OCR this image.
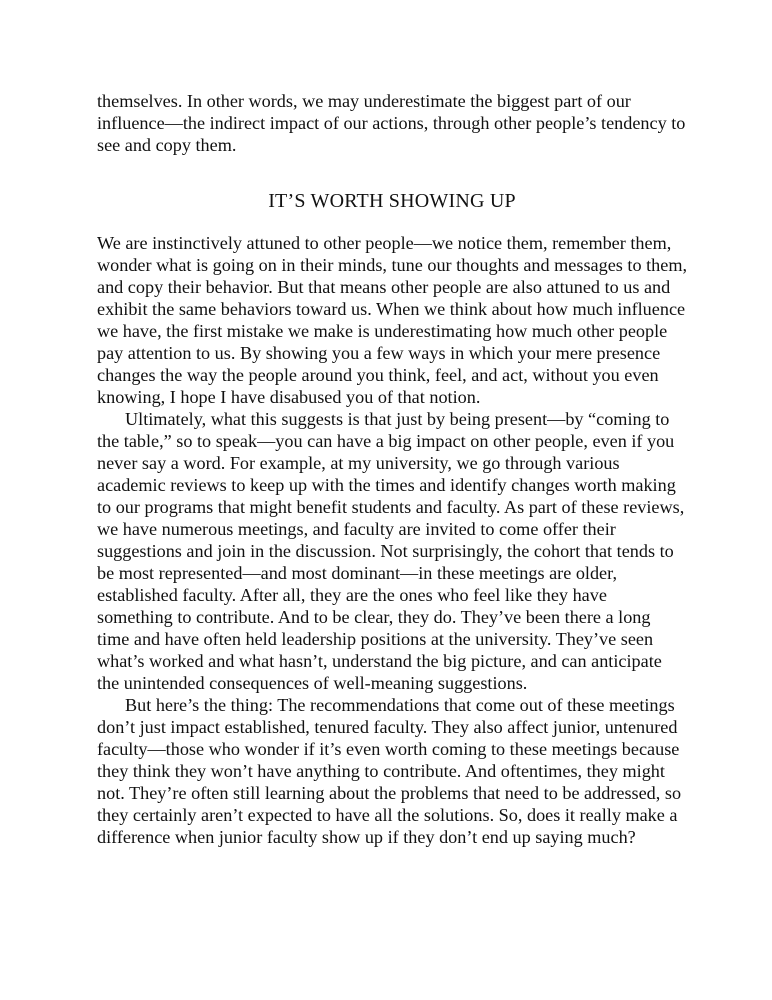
themselves. In other words, we may underestimate the biggest part of our influence—the indirect impact of our actions, through other people’s tendency to see and copy them.

IT’S WORTH SHOWING UP

We are instinctively attuned to other people—we notice them, remember them, wonder what is going on in their minds, tune our thoughts and messages to them, and copy their behavior. But that means other people are also attuned to us and exhibit the same behaviors toward us. When we think about how much influence we have, the first mistake we make is underestimating how much other people pay attention to us. By showing you a few ways in which your mere presence changes the way the people around you think, feel, and act, without you even knowing, I hope I have disabused you of that notion.

Ultimately, what this suggests is that just by being present—by “coming to the table,” so to speak—you can have a big impact on other people, even if you never say a word. For example, at my university, we go through various academic reviews to keep up with the times and identify changes worth making to our programs that might benefit students and faculty. As part of these reviews, we have numerous meetings, and faculty are invited to come offer their suggestions and join in the discussion. Not surprisingly, the cohort that tends to be most represented—and most dominant—in these meetings are older, established faculty. After all, they are the ones who feel like they have something to contribute. And to be clear, they do. They’ve been there a long time and have often held leadership positions at the university. They’ve seen what’s worked and what hasn’t, understand the big picture, and can anticipate the unintended consequences of well-meaning suggestions.

But here’s the thing: The recommendations that come out of these meetings don’t just impact established, tenured faculty. They also affect junior, untenured faculty—those who wonder if it’s even worth coming to these meetings because they think they won’t have anything to contribute. And oftentimes, they might not. They’re often still learning about the problems that need to be addressed, so they certainly aren’t expected to have all the solutions. So, does it really make a difference when junior faculty show up if they don’t end up saying much?
